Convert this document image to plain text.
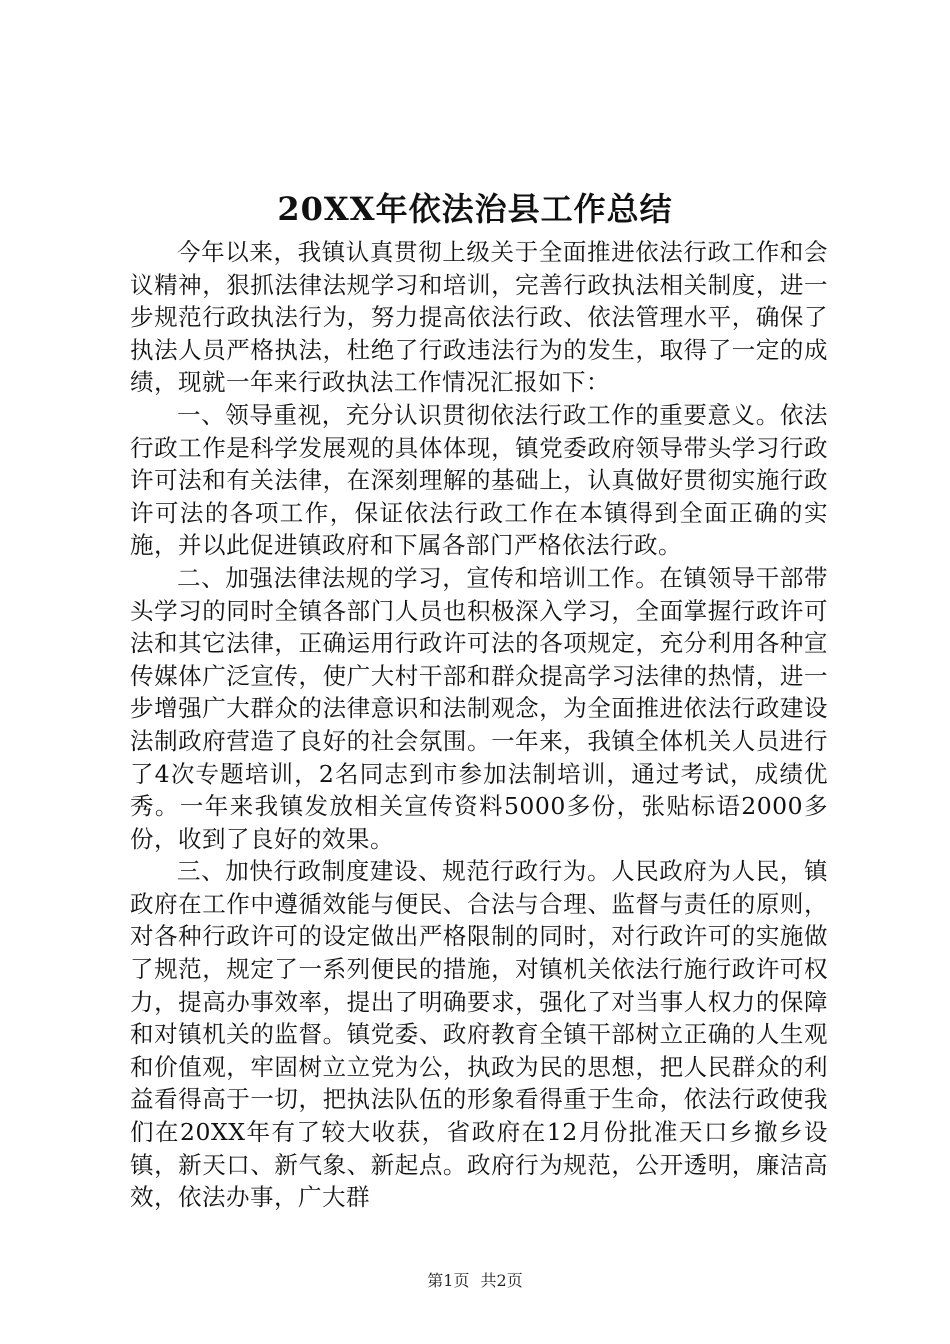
20XX年依法治县工作总结

今年以来，我镇认真贯彻上级关于全面推进依法行政工作和会议精神，狠抓法律法规学习和培训，完善行政执法相关制度，进一步规范行政执法行为，努力提高依法行政、依法管理水平，确保了执法人员严格执法，杜绝了行政违法行为的发生，取得了一定的成绩，现就一年来行政执法工作情况汇报如下：

一、领导重视，充分认识贯彻依法行政工作的重要意义。依法行政工作是科学发展观的具体体现，镇党委政府领导带头学习行政许可法和有关法律，在深刻理解的基础上，认真做好贯彻实施行政许可法的各项工作，保证依法行政工作在本镇得到全面正确的实施，并以此促进镇政府和下属各部门严格依法行政。

二、加强法律法规的学习，宣传和培训工作。在镇领导干部带头学习的同时全镇各部门人员也积极深入学习，全面掌握行政许可法和其它法律，正确运用行政许可法的各项规定，充分利用各种宣传媒体广泛宣传，使广大村干部和群众提高学习法律的热情，进一步增强广大群众的法律意识和法制观念，为全面推进依法行政建设法制政府营造了良好的社会氛围。一年来，我镇全体机关人员进行了4次专题培训，2名同志到市参加法制培训，通过考试，成绩优秀。一年来我镇发放相关宣传资料5000多份，张贴标语2000多份，收到了良好的效果。

三、加快行政制度建设、规范行政行为。人民政府为人民，镇政府在工作中遵循效能与便民、合法与合理、监督与责任的原则，对各种行政许可的设定做出严格限制的同时，对行政许可的实施做了规范，规定了一系列便民的措施，对镇机关依法行施行政许可权力，提高办事效率，提出了明确要求，强化了对当事人权力的保障和对镇机关的监督。镇党委、政府教育全镇干部树立正确的人生观和价值观，牢固树立立党为公，执政为民的思想，把人民群众的利益看得高于一切，把执法队伍的形象看得重于生命，依法行政使我们在20XX年有了较大收获，省政府在12月份批准天口乡撤乡设镇，新天口、新气象、新起点。政府行为规范，公开透明，廉洁高效，依法办事，广大群

第1页 共2页
